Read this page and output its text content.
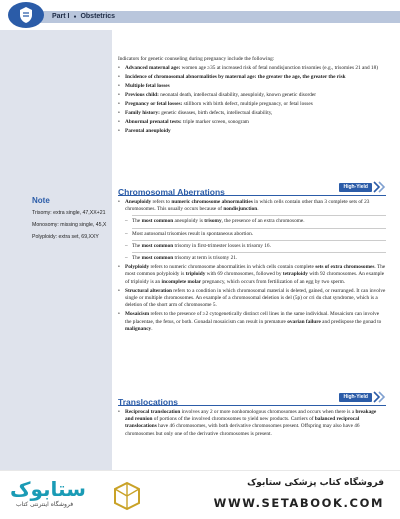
Part I ● Obstetrics
Note
Trisomy: extra single, 47,XX+21
Monosomy: missing single, 45,X
Polyploidy: extra set, 69,XXY

Indicators for genetic counseling during pregnancy include the following:

• Advanced maternal age: women age ≥35 at increased risk of fetal nondisjunction trisomies (e.g., trisomies 21 and 18)
• Incidence of chromosomal abnormalities by maternal age: the greater the age, the greater the risk
• Multiple fetal losses
• Previous child: neonatal death, intellectual disability, aneuploidy, known genetic disorder
• Pregnancy or fetal losses: stillborn with birth defect, multiple pregnancy, or fetal losses
• Family history: genetic diseases, birth defects, intellectual disability,
• Abnormal prenatal tests: triple marker screen, sonogram
• Parental aneuploidy
Chromosomal Aberrations	High-Yield
• Aneuploidy refers to numeric chromosome abnormalities in which cells contain other than 3 complete sets of 23 chromosomes. This usually occurs because of nondisjunction.
– The most common aneuploidy is trisomy, the presence of an extra chromosome.
– Most autosomal trisomies result in spontaneous abortion.
– The most common trisomy in first-trimester losses is trisomy 16.
– The most common trisomy at term is trisomy 21.
• Polyploidy refers to numeric chromosome abnormalities in which cells contain complete sets of extra chromosomes. The most common polyploidy is triploidy with 69 chromosomes, followed by tetraploidy with 92 chromosomes. An example of triploidy is an incomplete molar pregnancy, which occurs from fertilization of an egg by two sperm.
• Structural alteration refers to a condition in which chromosomal material is deleted, gained, or rearranged. It can involve single or multiple chromosomes. An example of a chromosomal deletion is del (5p) or cri du chat syndrome, which is a deletion of the short arm of chromosome 5.
• Mosaicism refers to the presence of ≥2 cytogenetically distinct cell lines in the same individual. Mosaicism can involve the placentae, the fetus, or both. Gonadal mosaicism can result in premature ovarian failure and predispose the gonad to malignancy.
Translocations	High-Yield
• Reciprocal translocation involves any 2 or more nonhomologous chromosomes and occurs when there is a breakage and reunion of portions of the involved chromosomes to yield new products. Carriers of balanced reciprocal translocations have 46 chromosomes, with both derivative chromosomes present. Offspring may also have 46 chromosomes but only one of the derivative chromosomes is present.
ستابوک
فروشگاه اینترنتی کتاب
فروشگاه کتاب پزشکی ستابوک
WWW.SETABOOK.COM
